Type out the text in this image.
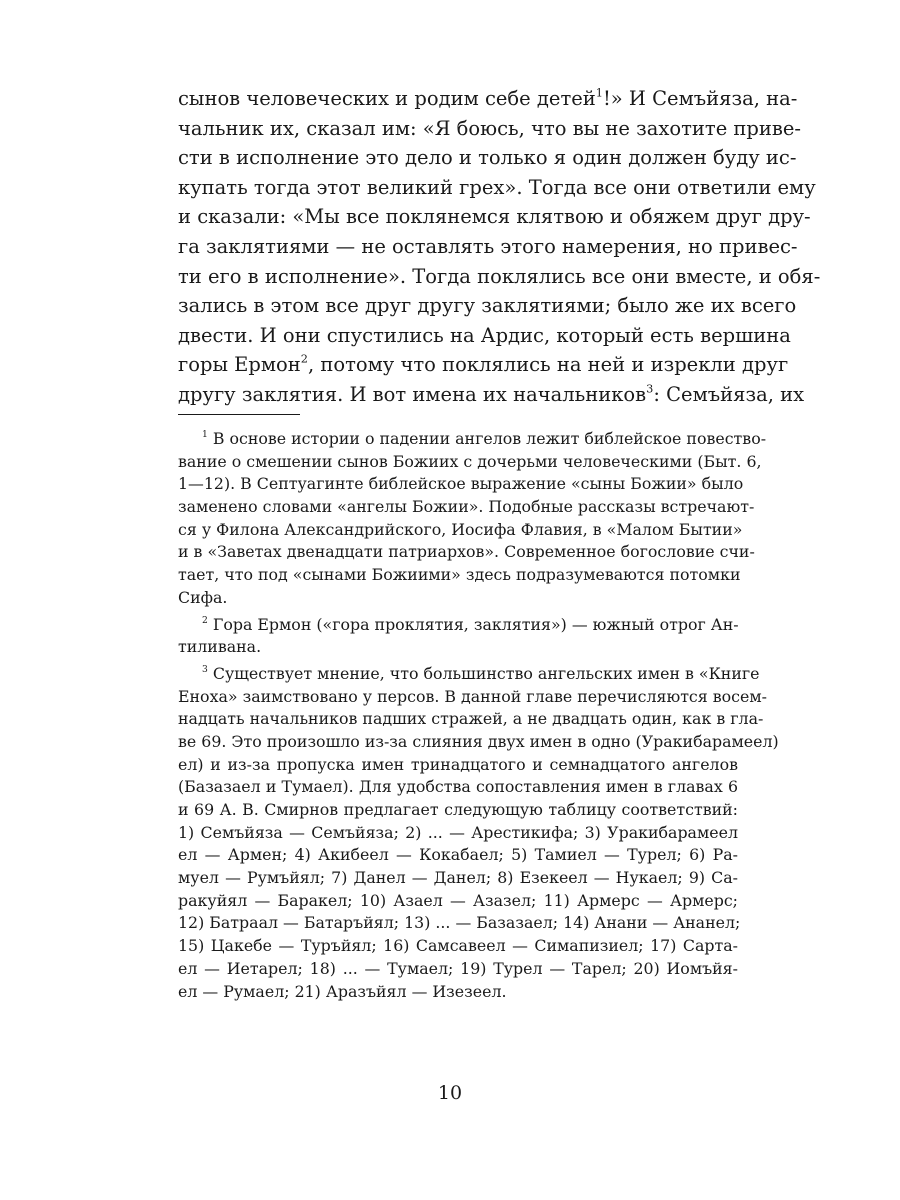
сынов человеческих и родим себе детей$^1$!» И Семъйяза, на-
чальник их, сказал им: «Я боюсь, что вы не захотите приве-
сти в исполнение это дело и только я один должен буду ис-
купать тогда этот великий грех». Тогда все они ответили ему
и сказали: «Мы все поклянемся клятвою и обяжем друг дру-
га заклятиями — не оставлять этого намерения, но привес-
ти его в исполнение». Тогда поклялись все они вместе, и обя-
зались в этом все друг другу заклятиями; было же их всего
двести. И они спустились на Ардис, который есть вершина
горы Ермон$^2$, потому что поклялись на ней и изрекли друг
другу заклятия. И вот имена их начальников$^3$: Семъйяза, их
$^1$ В основе истории о падении ангелов лежит библейское повество-
вание о смешении сынов Божиих с дочерьми человеческими (Быт. 6,
1—12). В Септуагинте библейское выражение «сыны Божии» было
заменено словами «ангелы Божии». Подобные рассказы встречают-
ся у Филона Александрийского, Иосифа Флавия, в «Малом Бытии»
и в «Заветах двенадцати патриархов». Современное богословие счи-
тает, что под «сынами Божиими» здесь подразумеваются потомки
Сифа.
$^2$ Гора Ермон («гора проклятия, заклятия») — южный отрог Ан-
тиливана.
$^3$ Существует мнение, что большинство ангельских имен в «Книге
Еноха» заимствовано у персов. В данной главе перечисляются восем-
надцать начальников падших стражей, а не двадцать один, как в гла-
ве 69. Это произошло из-за слияния двух имен в одно (Уракибарамеел)
ел) и из-за пропуска имен тринадцатого и семнадцатого ангелов
(Базазаел и Тумаел). Для удобства сопоставления имен в главах 6
и 69 А. В. Смирнов предлагает следующую таблицу соответствий:
1) Семъйяза — Семъйяза; 2) ... — Арестикифа; 3) Уракибарамеел
ел — Армен; 4) Акибеел — Кокабаел; 5) Тамиел — Турел; 6) Ра-
муел — Румъйял; 7) Данел — Данел; 8) Езекеел — Нукаел; 9) Са-
ракуйял — Баракел; 10) Азаел — Азазел; 11) Армерс — Армерс;
12) Батраал — Батаръйял; 13) ... — Базазаел; 14) Анани — Ананел;
15) Цакебе — Туръйял; 16) Самсавеел — Симапизиел; 17) Сарта-
ел — Иетарел; 18) ... — Тумаел; 19) Турел — Тарел; 20) Иомъйя-
ел — Румаел; 21) Аразъйял — Изезеел.
10
